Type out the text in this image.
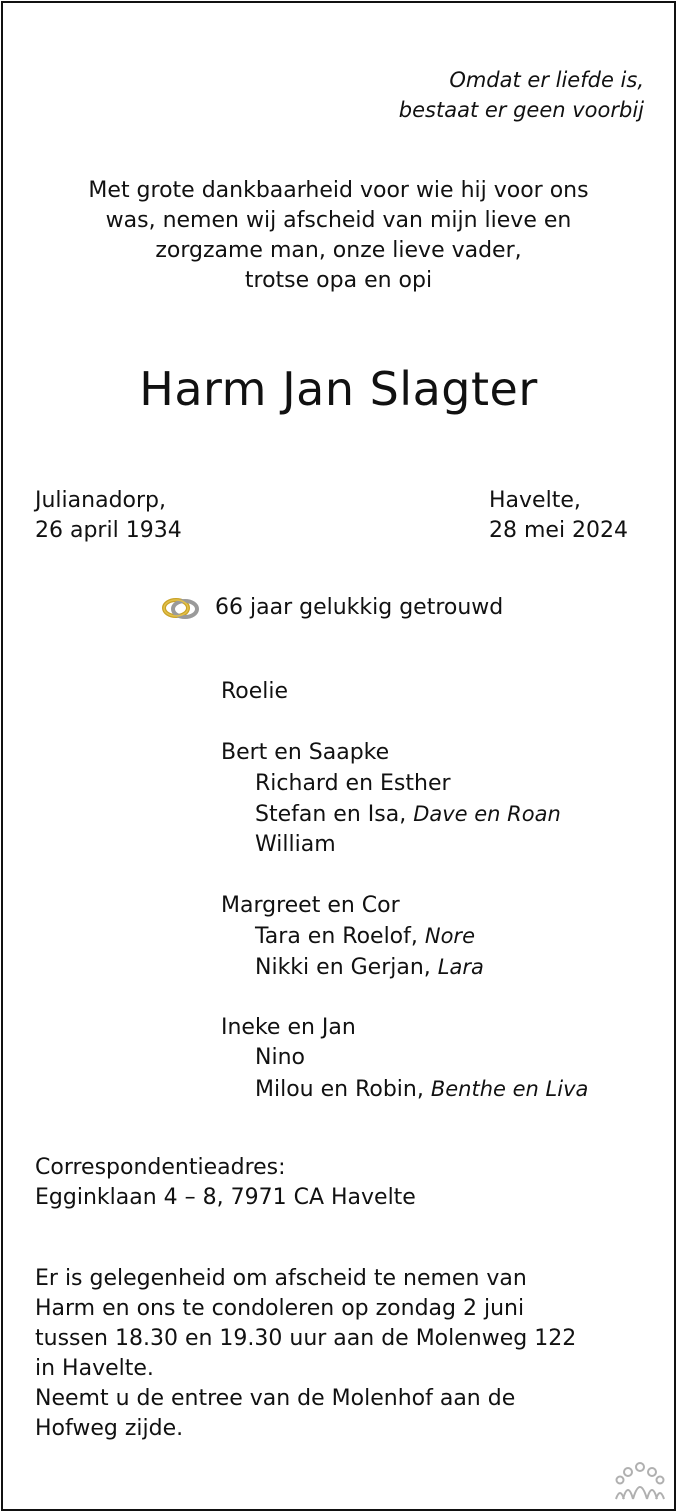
Omdat er liefde is,
bestaat er geen voorbij
Met grote dankbaarheid voor wie hij voor ons
was, nemen wij afscheid van mijn lieve en
zorgzame man, onze lieve vader,
trotse opa en opi
Harm Jan Slagter
Julianadorp,
26 april 1934
Havelte,
28 mei 2024
66 jaar gelukkig getrouwd
Roelie
Bert en Saapke
Richard en Esther
Stefan en Isa, Dave en Roan
William
Margreet en Cor
Tara en Roelof, Nore
Nikki en Gerjan, Lara
Ineke en Jan
Nino
Milou en Robin, Benthe en Liva
Correspondentieadres:
Egginklaan 4 – 8, 7971 CA Havelte
Er is gelegenheid om afscheid te nemen van
Harm en ons te condoleren op zondag 2 juni
tussen 18.30 en 19.30 uur aan de Molenweg 122
in Havelte.
Neemt u de entree van de Molenhof aan de
Hofweg zijde.
